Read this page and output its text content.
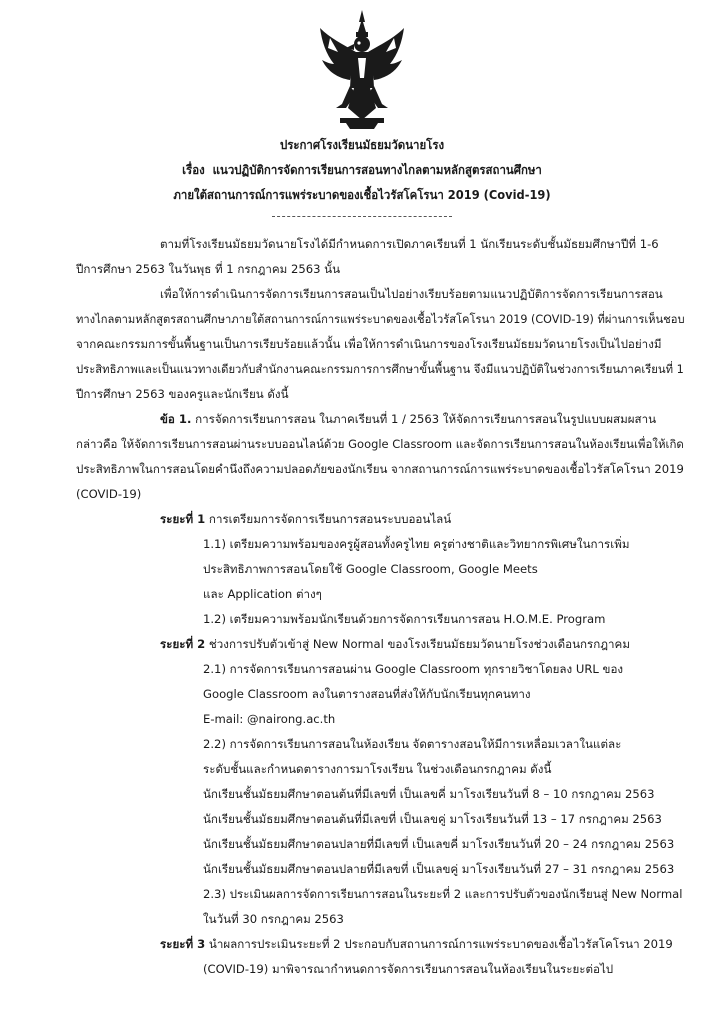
ประกาศโรงเรียนมัธยมวัดนายโรง
เรื่อง แนวปฏิบัติการจัดการเรียนการสอนทางไกลตามหลักสูตรสถานศึกษา
ภายใต้สถานการณ์การแพร่ระบาดของเชื้อไวรัสโคโรนา 2019 (Covid-19)
ตามที่โรงเรียนมัธยมวัดนายโรงได้มีกำหนดการเปิดภาคเรียนที่ 1 นักเรียนระดับชั้นมัธยมศึกษาปีที่ 1-6
ปีการศึกษา 2563 ในวันพุธ ที่ 1 กรกฎาคม 2563 นั้น
เพื่อให้การดำเนินการจัดการเรียนการสอนเป็นไปอย่างเรียบร้อยตามแนวปฏิบัติการจัดการเรียนการสอน
ทางไกลตามหลักสูตรสถานศึกษาภายใต้สถานการณ์การแพร่ระบาดของเชื้อไวรัสโคโรนา 2019 (COVID-19) ที่ผ่านการเห็นชอบ
จากคณะกรรมการขั้นพื้นฐานเป็นการเรียบร้อยแล้วนั้น เพื่อให้การดำเนินการของโรงเรียนมัธยมวัดนายโรงเป็นไปอย่างมี
ประสิทธิภาพและเป็นแนวทางเดียวกับสำนักงานคณะกรรมการการศึกษาขั้นพื้นฐาน จึงมีแนวปฏิบัติในช่วงการเรียนภาคเรียนที่ 1
ปีการศึกษา 2563 ของครูและนักเรียน ดังนี้
ข้อ 1. การจัดการเรียนการสอน ในภาคเรียนที่ 1 / 2563 ให้จัดการเรียนการสอนในรูปแบบผสมผสาน
กล่าวคือ ให้จัดการเรียนการสอนผ่านระบบออนไลน์ด้วย Google Classroom และจัดการเรียนการสอนในห้องเรียนเพื่อให้เกิด
ประสิทธิภาพในการสอนโดยคำนึงถึงความปลอดภัยของนักเรียน จากสถานการณ์การแพร่ระบาดของเชื้อไวรัสโคโรนา 2019
(COVID-19)
ระยะที่ 1 การเตรียมการจัดการเรียนการสอนระบบออนไลน์
1.1) เตรียมความพร้อมของครูผู้สอนทั้งครูไทย ครูต่างชาติและวิทยากรพิเศษในการเพิ่ม
ประสิทธิภาพการสอนโดยใช้ Google Classroom, Google Meets
และ Application ต่างๆ
1.2) เตรียมความพร้อมนักเรียนด้วยการจัดการเรียนการสอน H.O.M.E. Program
ระยะที่ 2 ช่วงการปรับตัวเข้าสู่ New Normal ของโรงเรียนมัธยมวัดนายโรงช่วงเดือนกรกฎาคม
2.1) การจัดการเรียนการสอนผ่าน Google Classroom ทุกรายวิชาโดยลง URL ของ
Google Classroom ลงในตารางสอนที่ส่งให้กับนักเรียนทุกคนทาง
E-mail: @nairong.ac.th
2.2) การจัดการเรียนการสอนในห้องเรียน จัดตารางสอนให้มีการเหลื่อมเวลาในแต่ละ
ระดับชั้นและกำหนดตารางการมาโรงเรียน ในช่วงเดือนกรกฎาคม ดังนี้
นักเรียนชั้นมัธยมศึกษาตอนต้นที่มีเลขที่ เป็นเลขคี่ มาโรงเรียนวันที่ 8 – 10 กรกฎาคม 2563
นักเรียนชั้นมัธยมศึกษาตอนต้นที่มีเลขที่ เป็นเลขคู่ มาโรงเรียนวันที่ 13 – 17 กรกฎาคม 2563
นักเรียนชั้นมัธยมศึกษาตอนปลายที่มีเลขที่ เป็นเลขคี่ มาโรงเรียนวันที่ 20 – 24 กรกฎาคม 2563
นักเรียนชั้นมัธยมศึกษาตอนปลายที่มีเลขที่ เป็นเลขคู่ มาโรงเรียนวันที่ 27 – 31 กรกฎาคม 2563
2.3) ประเมินผลการจัดการเรียนการสอนในระยะที่ 2 และการปรับตัวของนักเรียนสู่ New Normal
ในวันที่ 30 กรกฎาคม 2563
ระยะที่ 3 นำผลการประเมินระยะที่ 2 ประกอบกับสถานการณ์การแพร่ระบาดของเชื้อไวรัสโคโรนา 2019
(COVID-19) มาพิจารณากำหนดการจัดการเรียนการสอนในห้องเรียนในระยะต่อไป
